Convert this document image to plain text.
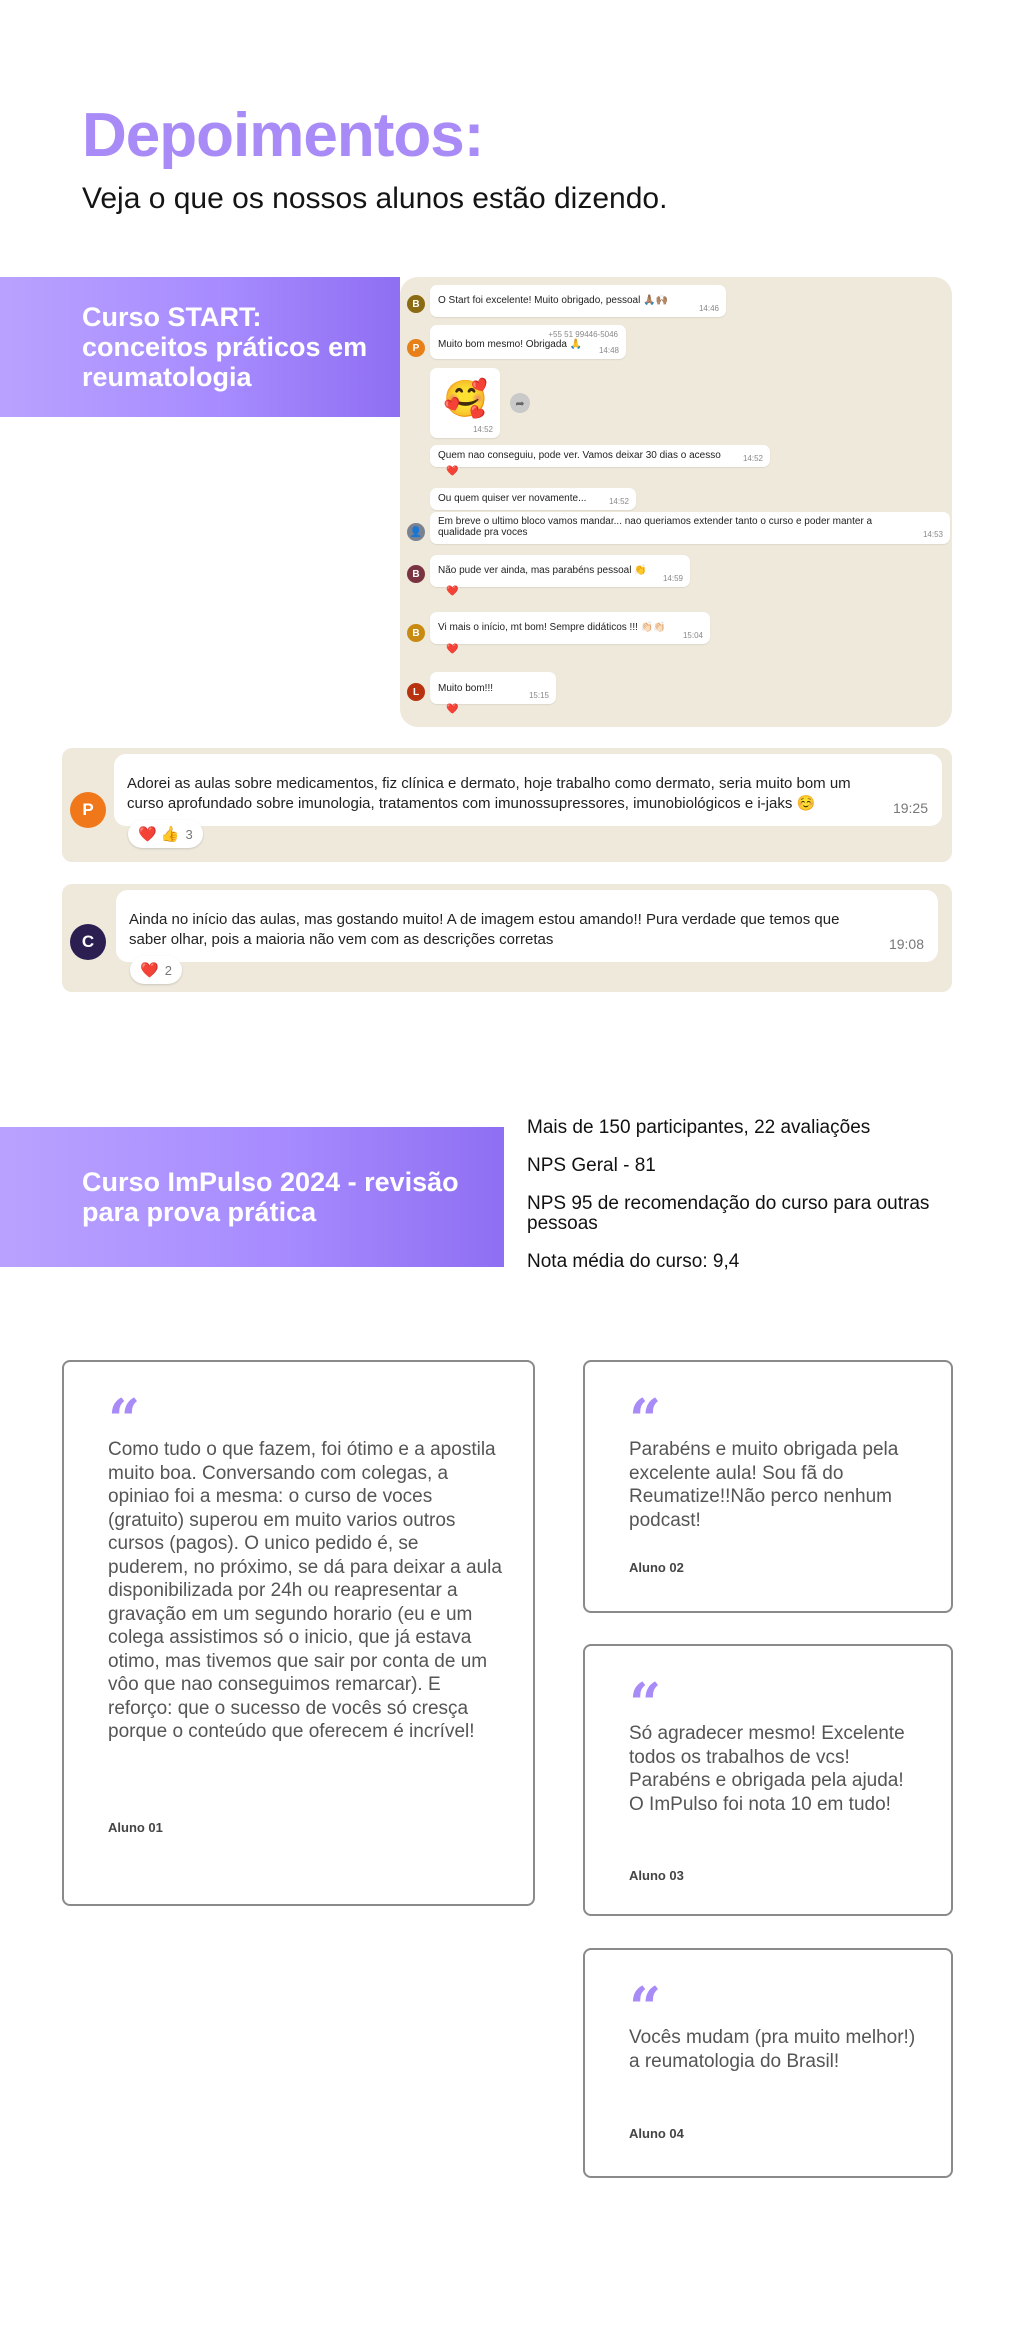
Depoimentos:

Veja o que os nossos alunos estão dizendo.

Curso START: conceitos práticos em reumatologia
B	O Start foi excelente! Muito obrigado, pessoal 🙏🏽🙌🏽
14:46
P
+55 51 99446-5046
Muito bom mesmo! Obrigada 🙏
14:48
🥰
14:52
➦
Quem nao conseguiu, pode ver. Vamos deixar 30 dias o acesso	14:52
❤️
Ou quem quiser ver novamente...	14:52
👤
Em breve o ultimo bloco vamos mandar... nao queriamos extender tanto o curso e poder manter a qualidade pra voces	14:53
B	Não pude ver ainda, mas parabéns pessoal 👏
14:59
❤️
B	Vi mais o início, mt bom! Sempre didáticos !!! 👏🏻👏🏻
15:04
❤️
L	Muito bom!!!
15:15
❤️
Adorei as aulas sobre medicamentos, fiz clínica e dermato, hoje trabalho como dermato, seria muito bom um curso aprofundado sobre imunologia, tratamentos com imunossupressores, imunobiológicos e i-jaks ☺️	19:25
P
❤️ 👍 3
Ainda no início das aulas, mas gostando muito! A de imagem estou amando!! Pura verdade que temos que saber olhar, pois a maioria não vem com as descrições corretas	19:08
C
❤️ 2
Curso ImPulso 2024 - revisão para prova prática

Mais de 150 participantes, 22 avaliações

NPS Geral - 81

NPS 95 de recomendação do curso para outras pessoas

Nota média do curso: 9,4

“

Como tudo o que fazem, foi ótimo e a apostila muito boa. Conversando com colegas, a opiniao foi a mesma: o curso de voces (gratuito) superou em muito varios outros cursos (pagos). O unico pedido é, se puderem, no próximo, se dá para deixar a aula disponibilizada por 24h ou reapresentar a gravação em um segundo horario (eu e um colega assistimos só o inicio, que já estava otimo, mas tivemos que sair por conta de um vôo que nao conseguimos remarcar). E reforço: que o sucesso de vocês só cresça porque o conteúdo que oferecem é incrível!

Aluno 01

“

Parabéns e muito obrigada pela excelente aula! Sou fã do Reumatize!!Não perco nenhum podcast!

Aluno 02

“

Só agradecer mesmo! Excelente todos os trabalhos de vcs! Parabéns e obrigada pela ajuda! O ImPulso foi nota 10 em tudo!

Aluno 03

“

Vocês mudam (pra muito melhor!) a reumatologia do Brasil!

Aluno 04
